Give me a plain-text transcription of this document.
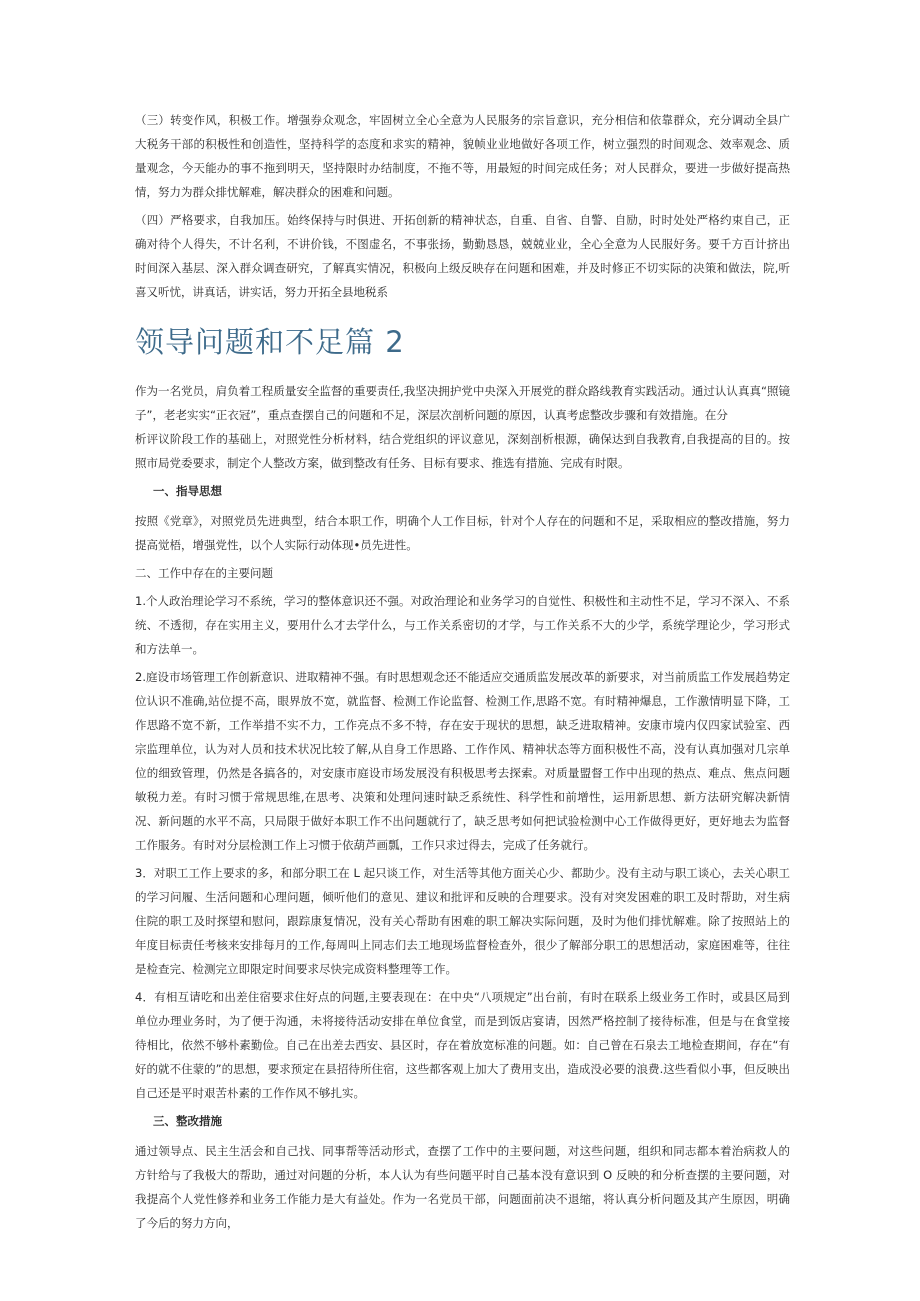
（三）转变作风，积极工作。增强券众观念，牢固树立全心全意为人民服务的宗旨意识，充分相信和依靠群众，充分调动全县广大税务干部的积极性和创造性，坚持科学的态度和求实的精神，貌帧业业地做好各项工作，树立强烈的时间观念、效率观念、质量观念，今天能办的事不拖到明天，坚持限时办结制度，不拖不等，用最短的时间完成任务；对人民群众，要进一步做好提高热情，努力为群众排忧解难，解决群众的困难和问题。

（四）严格要求，自我加压。始终保持与时俱进、开拓创新的精神状态，自重、自省、自警、自励，时时处处严格约束自己，正确对待个人得失，不计名利，不讲价钱，不图虚名，不事张扬，勤勤恳恳，兢兢业业，全心全意为人民服好务。要千方百计挤出时间深入基层、深入群众调查研究，了解真实情况，积极向上级反映存在问题和困难，并及时修正不切实际的决策和做法，院,听喜又听忧，讲真话，讲实话，努力开拓全县地税系

领导问题和不足篇 2

作为一名党员，肩负着工程质量安全监督的重要责任,我坚决拥护党中央深入开展党的群众路线教育实践活动。通过认认真真“照镜子”，老老实实“正衣冠”，重点查摆自己的问题和不足，深层次剖析问题的原因，认真考虑整改步骤和有效措施。在分

析评议阶段工作的基础上，对照党性分析材料，结合党组织的评议意见，深刻剖析根源，确保达到自我教育,自我提高的目的。按照市局党委要求，制定个人整改方案，做到整改有任务、目标有要求、推选有措施、完成有时限。

一、指导思想

按照《党章》，对照党员先进典型，结合本职工作，明确个人工作目标，针对个人存在的问题和不足，采取相应的整改措施，努力提高觉梧，增强党性，以个人实际行动体现•员先进性。

二、工作中存在的主要问题

1.个人政治理论学习不系统，学习的整体意识还不强。对政治理论和业务学习的自觉性、积极性和主动性不足，学习不深入、不系统、不透彻，存在实用主义，要用什么才去学什么，与工作关系密切的才学，与工作关系不大的少学，系统学理论少，学习形式和方法单一。

2.庭设市场管理工作创新意识、进取精神不强。有时思想观念还不能适应交通质监发展改革的新要求，对当前质监工作发展趋势定位认识不准确,站位提不高，眼界放不宽，就监督、检测工作论监督、检测工作,思路不宽。有时精神爆息，工作激情明显下降，工作思路不宽不新，工作举措不实不力，工作亮点不多不特，存在安于现状的思想，缺乏进取精神。安康市境内仅四家试验室、西宗监理单位，认为对人员和技术状况比较了解,从自身工作思路、工作作风、精神状态等方面积极性不高，没有认真加强对几宗单位的细致管理，仍然是各搞各的，对安康市庭设市场发展没有积极思考去探索。对质量盟督工作中出现的热点、难点、焦点问题敏税力差。有时习惯于常规思维,在思考、决策和处理问速时缺乏系统性、科学性和前增性，运用新思想、新方法研究解决新情况、新问题的水平不高，只局限于做好本职工作不出问题就行了，缺乏思考如何把试验检测中心工作做得更好，更好地去为监督工作服务。有时对分层检测工作上习惯于依葫芦画瓢，工作只求过得去，完成了任务就行。

3．对职工工作上要求的多，和部分职工在 L 起只谈工作，对生活等其他方面关心少、都助少。没有主动与职工谈心，去关心职工的学习问履、生活问题和心理问题，倾听他们的意见、建议和批评和反映的合理要求。没有对突发困难的职工及时帮助，对生病住院的职工及时探望和慰问，跟踪康复情况，没有关心帮助有困难的职工解决实际问题，及时为他们排忧解难。除了按照站上的年度目标责任考核来安排每月的工作,每周叫上同志们去工地现场监督检查外，很少了解部分职工的思想活动，家庭困难等，往往是检查完、检测完立即限定时间要求尽快完成资料整理等工作。

4．有相互请吃和出差住宿要求住好点的问题,主要表现在：在中央“八项规定”出台前，有时在联系上级业务工作时，或县区局到单位办理业务时，为了便于沟通，未将接待活动安排在单位食堂，而是到饭店宴请，因然严格控制了接待标准，但是与在食堂接待相比，依然不够朴素勤俭。自己在出差去西安、县区时，存在着放宽标准的问题。如：自己曾在石泉去工地检查期间，存在“有好的就不住蒙的”的思想，要求预定在县招待所住宿，这些都客观上加大了费用支出，造成没必要的浪费.这些看似小事，但反映出自己还是平时艰苦朴素的工作作风不够扎实。

三、整改措施

通过领导点、民主生活会和自己找、同事帮等活动形式，查摆了工作中的主要问题，对这些问题，组织和同志都本着治病救人的方针给与了我极大的帮助，通过对问题的分析，本人认为有些问题平时自己基本没有意识到 O 反映的和分析查摆的主要问题，对我提高个人党性修养和业务工作能力是大有益处。作为一名党员干部，问题面前决不退缩，将认真分析问题及其产生原因，明确了今后的努力方向，
